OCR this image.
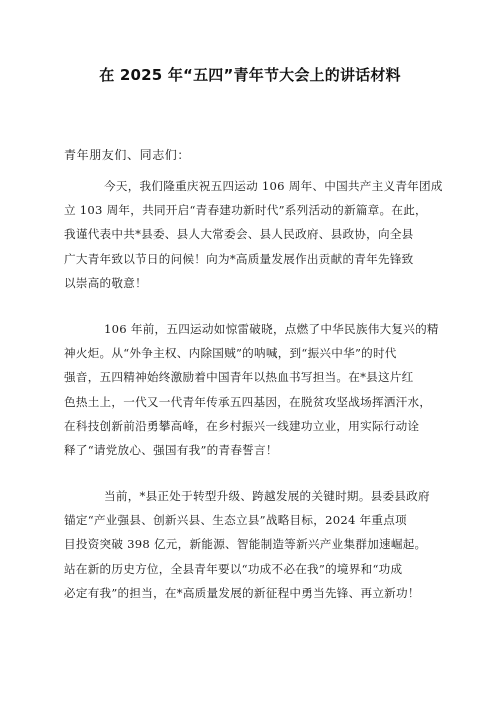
在 2025 年“五四”青年节大会上的讲话材料
青年朋友们、同志们：
今天，我们隆重庆祝五四运动 106 周年、中国共产主义青年团成
立 103 周年，共同开启“青春建功新时代”系列活动的新篇章。在此，
我谨代表中共*县委、县人大常委会、县人民政府、县政协，向全县
广大青年致以节日的问候！向为*高质量发展作出贡献的青年先锋致
以崇高的敬意！
106 年前，五四运动如惊雷破晓，点燃了中华民族伟大复兴的精
神火炬。从“外争主权、内除国贼”的呐喊，到“振兴中华”的时代
强音，五四精神始终激励着中国青年以热血书写担当。在*县这片红
色热土上，一代又一代青年传承五四基因，在脱贫攻坚战场挥洒汗水，
在科技创新前沿勇攀高峰，在乡村振兴一线建功立业，用实际行动诠
释了“请党放心、强国有我”的青春誓言！
当前，*县正处于转型升级、跨越发展的关键时期。县委县政府
锚定“产业强县、创新兴县、生态立县”战略目标，2024 年重点项
目投资突破 398 亿元，新能源、智能制造等新兴产业集群加速崛起。
站在新的历史方位，全县青年要以“功成不必在我”的境界和“功成
必定有我”的担当，在*高质量发展的新征程中勇当先锋、再立新功！
